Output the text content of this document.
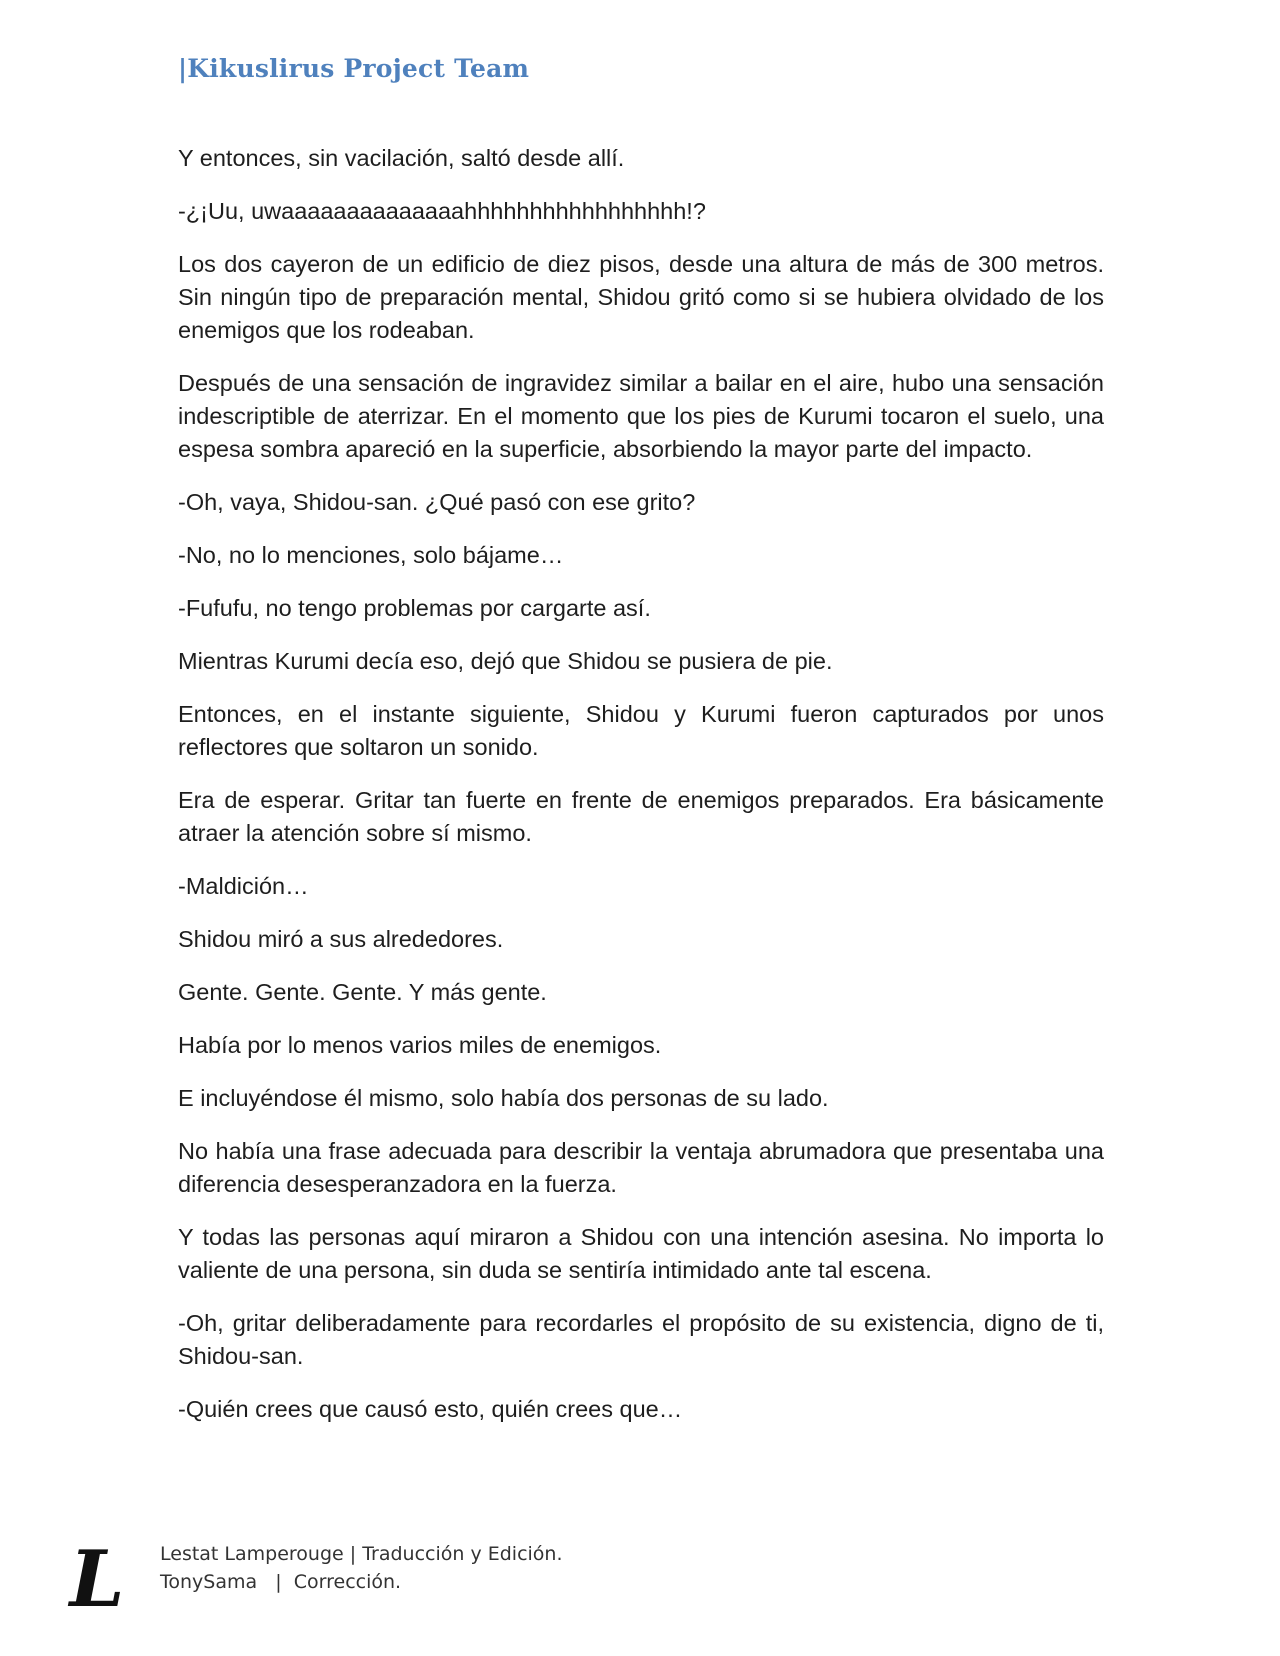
|Kikuslirus Project Team

Y entonces, sin vacilación, saltó desde allí.

-¿¡Uu, uwaaaaaaaaaaaaaahhhhhhhhhhhhhhhhh!?

Los dos cayeron de un edificio de diez pisos, desde una altura de más de 300 metros. Sin ningún tipo de preparación mental, Shidou gritó como si se hubiera olvidado de los enemigos que los rodeaban.

Después de una sensación de ingravidez similar a bailar en el aire, hubo una sensación indescriptible de aterrizar. En el momento que los pies de Kurumi tocaron el suelo, una espesa sombra apareció en la superficie, absorbiendo la mayor parte del impacto.

-Oh, vaya, Shidou-san. ¿Qué pasó con ese grito?

-No, no lo menciones, solo bájame…

-Fufufu, no tengo problemas por cargarte así.

Mientras Kurumi decía eso, dejó que Shidou se pusiera de pie.

Entonces, en el instante siguiente, Shidou y Kurumi fueron capturados por unos reflectores que soltaron un sonido.

Era de esperar. Gritar tan fuerte en frente de enemigos preparados. Era básicamente atraer la atención sobre sí mismo.

-Maldición…

Shidou miró a sus alrededores.

Gente. Gente. Gente. Y más gente.

Había por lo menos varios miles de enemigos.

E incluyéndose él mismo, solo había dos personas de su lado.

No había una frase adecuada para describir la ventaja abrumadora que presentaba una diferencia desesperanzadora en la fuerza.

Y todas las personas aquí miraron a Shidou con una intención asesina. No importa lo valiente de una persona, sin duda se sentiría intimidado ante tal escena.

-Oh, gritar deliberadamente para recordarles el propósito de su existencia, digno de ti, Shidou-san.

-Quién crees que causó esto, quién crees que…

L Lestat Lamperouge | Traducción y Edición.
TonySama   |  Corrección.
